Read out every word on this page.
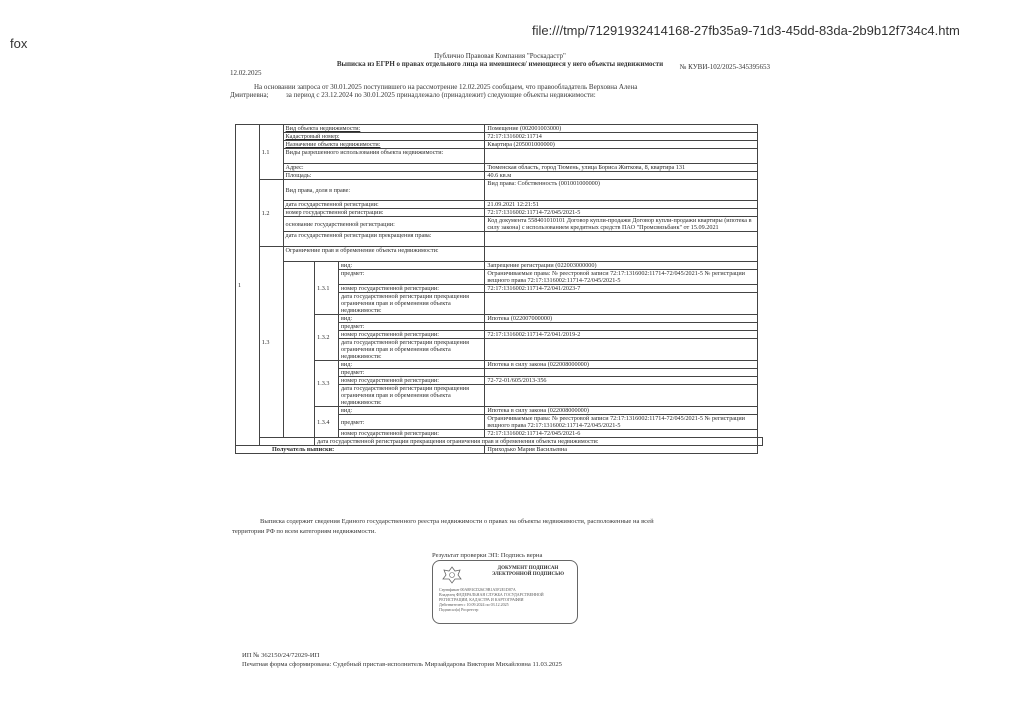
fox
file:///tmp/71291932414168-27fb35a9-71d3-45dd-83da-2b9b12f734c4.htm
Публично Правовая Компания "Роскадастр"
Выписка из ЕГРН о правах отдельного лица на имевшиеся/ имеющиеся у него объекты недвижимости
12.02.2025
№ КУВИ-102/2025-345395653
На основании запроса от 30.01.2025 поступившего на рассмотрение 12.02.2025 сообщаем, что правообладатель Верховна Алена
Дмитриевна;	за период с 23.12.2024 по 30.01.2025 принадлежало (принадлежит) следующие объекты недвижимости:
1	1.1	Вид объекта недвижимости:			Помещение (002001003000)	
		Кадастровый номер:			72:17:1316002:11714	
		Назначение объекта недвижимости:			Квартира (205001000000)	
		Виды разрешенного использования объекта недвижимости:				
		Адрес:			Тюменская область, город Тюмень, улица Бориса Житкова, 8, квартира 131	
		Площадь:			40.6 кв.м	
	1.2	Вид права, доля в праве:			Вид права: Собственность (001001000000)	
		дата государственной регистрации:			21.09.2021 12:21:51	
		номер государственной регистрации:			72:17:1316002:11714-72/045/2021-5	
		основание государственной регистрации:			Код документа 558401010101 Договор купли-продажи Договор купли-продажи квартиры (ипотека в силу закона) с использованием кредитных средств ПАО "Промсвязьбанк" от 15.09.2021	
		дата государственной регистрации прекращения права:				
	1.3	Ограничение прав и обременение объекта недвижимости:				
			1.3.1	вид:	Запрещение регистрации (022003000000)	
				предмет:	Ограничиваемые права: № реестровой записи 72:17:1316002:11714-72/045/2021-5 № регистрации вещного права 72:17:1316002:11714-72/045/2021-5	
				номер государственной регистрации:	72:17:1316002:11714-72/041/2023-7	
				дата государственной регистрации прекращения ограничения прав и обременения объекта недвижимости:		
			1.3.2	вид:	Ипотека (022007000000)	
				предмет:		
				номер государственной регистрации:	72:17:1316002:11714-72/041/2019-2	
				дата государственной регистрации прекращения ограничения прав и обременения объекта недвижимости:		
			1.3.3	вид:	Ипотека в силу закона (022008000000)	
				предмет:		
				номер государственной регистрации:	72-72-01/605/2013-356	
				дата государственной регистрации прекращения ограничения прав и обременения объекта недвижимости:		
			1.3.4	вид:	Ипотека в силу закона (022008000000)	
				предмет:	Ограничиваемые права: № реестровой записи 72:17:1316002:11714-72/045/2021-5 № регистрации вещного права 72:17:1316002:11714-72/045/2021-5	
				номер государственной регистрации:	72:17:1316002:11714-72/045/2021-6	
			дата государственной регистрации прекращения ограничения прав и обременения объекта недвижимости:			
Получатель выписки:					Приходько Мария Васильевна	
Выписка содержит сведения Единого государственного реестра недвижимости о правах на объекты недвижимости, расположенные на всей
территории РФ по всем категориям недвижимости.
Результат проверки ЭП: Подпись верна
ДОКУМЕНТ ПОДПИСАН ЭЛЕКТРОННОЙ ПОДПИСЬЮ
Сертификат 00A8F4CD26C9B1A5F2E1D87A
Владелец ФЕДЕРАЛЬНАЯ СЛУЖБА ГОСУДАРСТВЕННОЙ РЕГИСТРАЦИИ, КАДАСТРА И КАРТОГРАФИИ
Действителен с 10.09.2024 по 03.12.2025
Подписал(а) Росреестр
ИП № 362150/24/72029-ИП
Печатная форма сформирована: Судебный пристав-исполнитель Мирзайдарова Виктория Михайловна 11.03.2025
